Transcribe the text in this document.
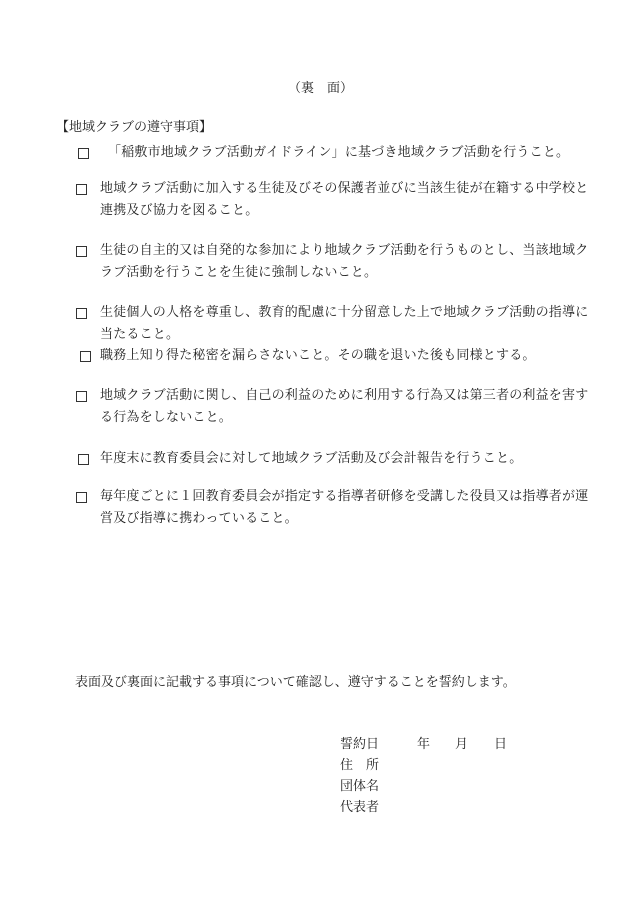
（裏　面）
【地域クラブの遵守事項】
「稲敷市地域クラブ活動ガイドライン」に基づき地域クラブ活動を行うこと。
地域クラブ活動に加入する生徒及びその保護者並びに当該生徒が在籍する中学校と
連携及び協力を図ること。
生徒の自主的又は自発的な参加により地域クラブ活動を行うものとし、当該地域ク
ラブ活動を行うことを生徒に強制しないこと。
生徒個人の人格を尊重し、教育的配慮に十分留意した上で地域クラブ活動の指導に
当たること。
職務上知り得た秘密を漏らさないこと。その職を退いた後も同様とする。
地域クラブ活動に関し、自己の利益のために利用する行為又は第三者の利益を害す
る行為をしないこと。
年度末に教育委員会に対して地域クラブ活動及び会計報告を行うこと。
毎年度ごとに１回教育委員会が指定する指導者研修を受講した役員又は指導者が運
営及び指導に携わっていること。
表面及び裏面に記載する事項について確認し、遵守することを誓約します。
誓約日	年 月 日
住　所
団体名
代表者
